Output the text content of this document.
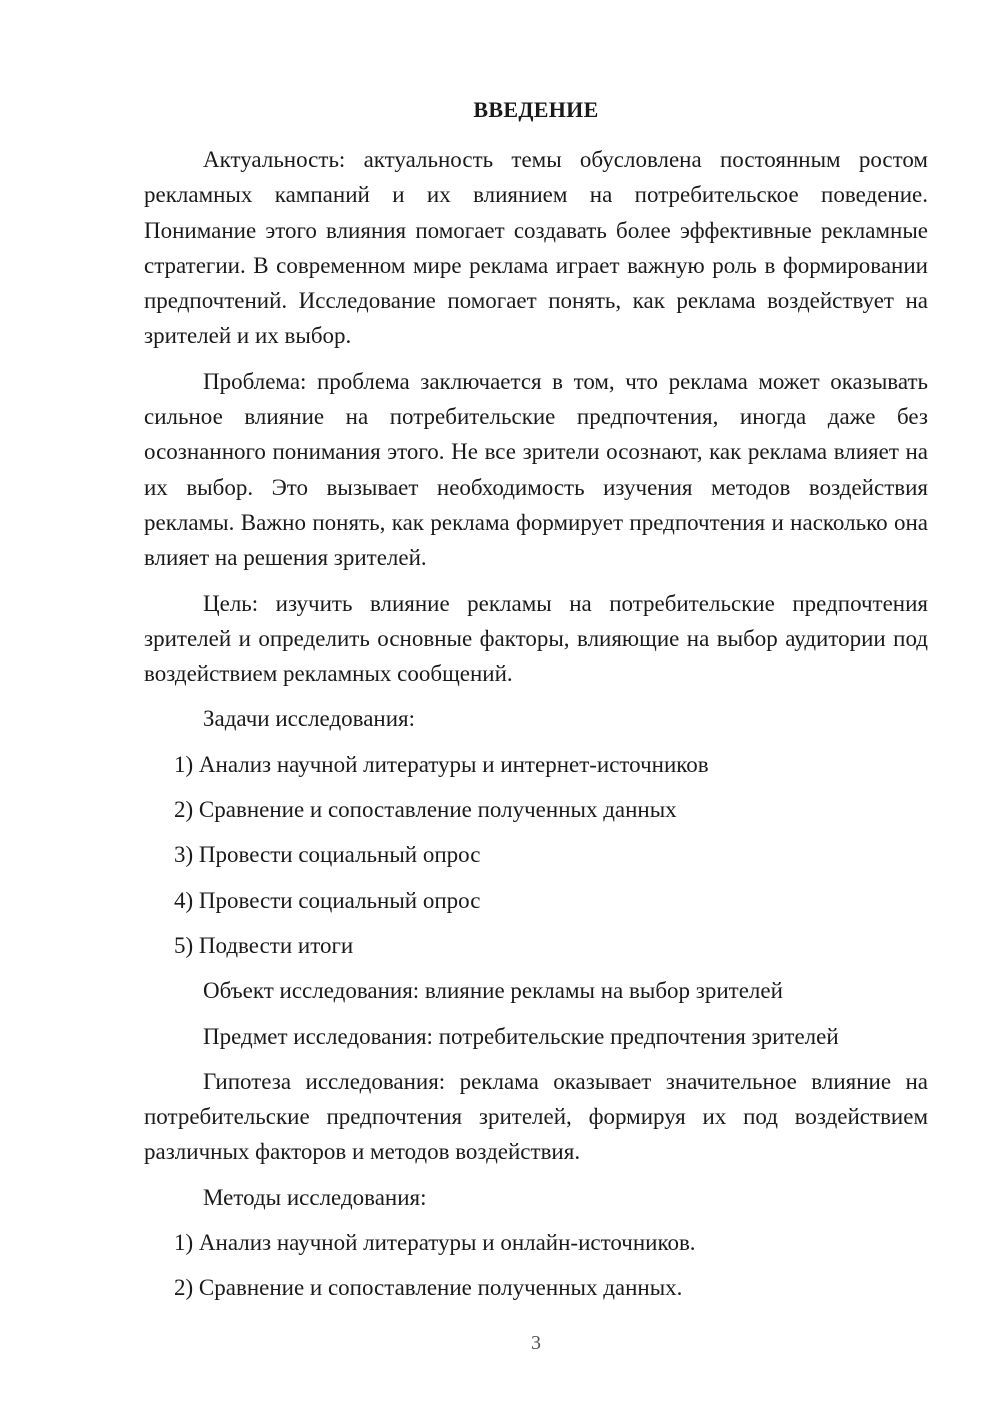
ВВЕДЕНИЕ

Актуальность: актуальность темы обусловлена постоянным ростом рекламных кампаний и их влиянием на потребительское поведение. Понимание этого влияния помогает создавать более эффективные рекламные стратегии. В современном мире реклама играет важную роль в формировании предпочтений. Исследование помогает понять, как реклама воздействует на зрителей и их выбор.

Проблема: проблема заключается в том, что реклама может оказывать сильное влияние на потребительские предпочтения, иногда даже без осознанного понимания этого. Не все зрители осознают, как реклама влияет на их выбор. Это вызывает необходимость изучения методов воздействия рекламы. Важно понять, как реклама формирует предпочтения и насколько она влияет на решения зрителей.

Цель: изучить влияние рекламы на потребительские предпочтения зрителей и определить основные факторы, влияющие на выбор аудитории под воздействием рекламных сообщений.

Задачи исследования:
1) Анализ научной литературы и интернет-источников
2) Сравнение и сопоставление полученных данных
3) Провести социальный опрос
4) Провести социальный опрос
5) Подвести итоги
Объект исследования: влияние рекламы на выбор зрителей
Предмет исследования: потребительские предпочтения зрителей

Гипотеза исследования: реклама оказывает значительное влияние на потребительские предпочтения зрителей, формируя их под воздействием различных факторов и методов воздействия.

Методы исследования:
1) Анализ научной литературы и онлайн-источников.
2) Сравнение и сопоставление полученных данных.
3
